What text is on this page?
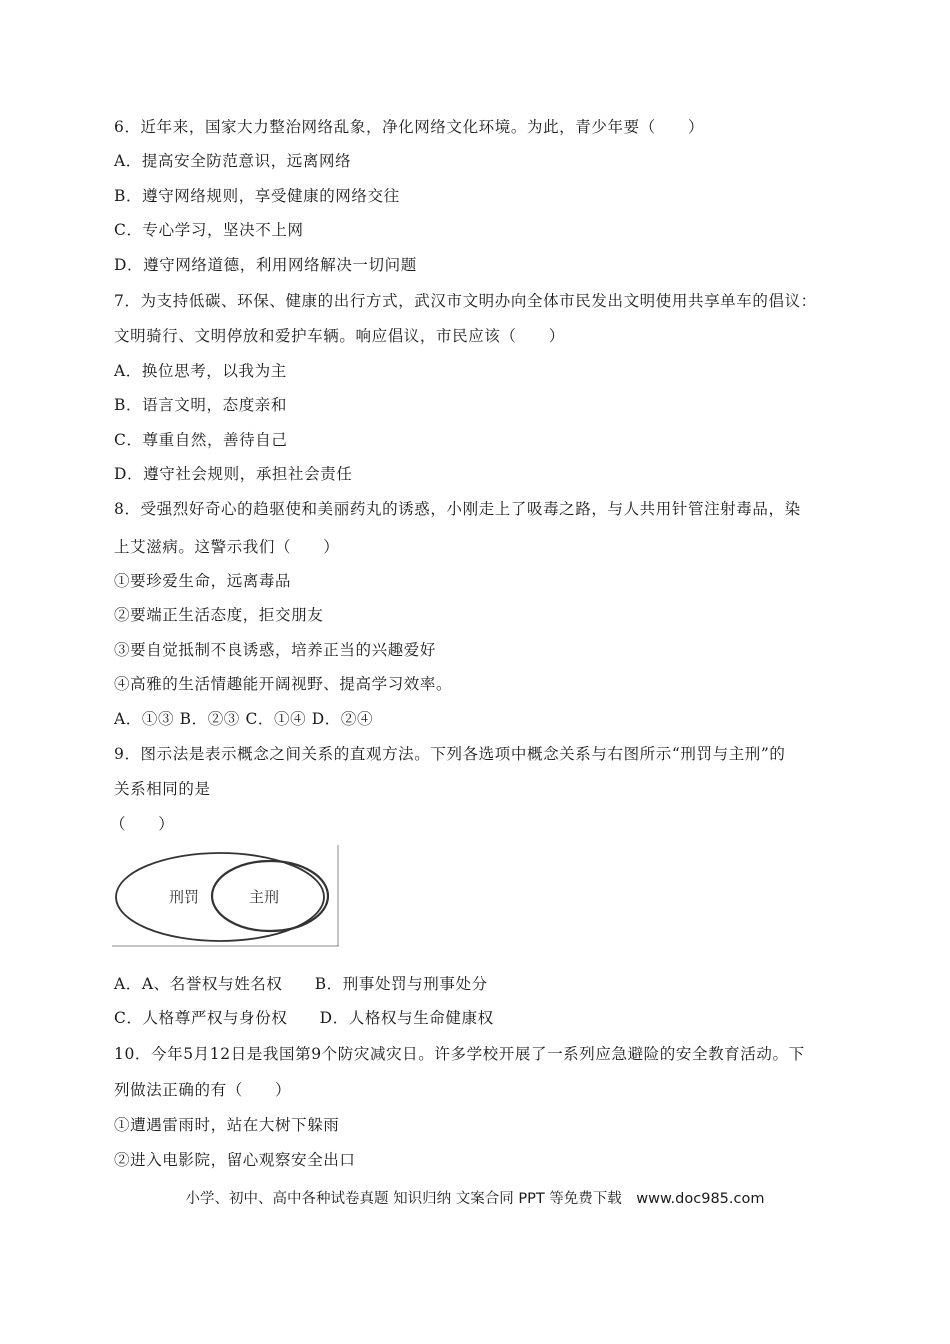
6．近年来，国家大力整治网络乱象，净化网络文化环境。为此，青少年要（　　）
A．提高安全防范意识，远离网络
B．遵守网络规则，享受健康的网络交往
C．专心学习，坚决不上网
D．遵守网络道德，利用网络解决一切问题
7．为支持低碳、环保、健康的出行方式，武汉市文明办向全体市民发出文明使用共享单车的倡议：
文明骑行、文明停放和爱护车辆。响应倡议，市民应该（　　）
A．换位思考，以我为主
B．语言文明，态度亲和
C．尊重自然，善待自己
D．遵守社会规则，承担社会责任
8．受强烈好奇心的趋驱使和美丽药丸的诱惑，小刚走上了吸毒之路，与人共用针管注射毒品，染
上艾滋病。这警示我们（　　）
①要珍爱生命，远离毒品
②要端正生活态度，拒交朋友
③要自觉抵制不良诱惑，培养正当的兴趣爱好
④高雅的生活情趣能开阔视野、提高学习效率。
A．①③ B．②③ C．①④ D．②④
9．图示法是表示概念之间关系的直观方法。下列各选项中概念关系与右图所示“刑罚与主刑”的
关系相同的是
（　　）
刑罚	主刑
A．A、名誉权与姓名权　　B．刑事处罚与刑事处分
C．人格尊严权与身份权　　D．人格权与生命健康权
10．今年5月12日是我国第9个防灾减灾日。许多学校开展了一系列应急避险的安全教育活动。下
列做法正确的有（　　）
①遭遇雷雨时，站在大树下躲雨
②进入电影院，留心观察安全出口
小学、初中、高中各种试卷真题 知识归纳 文案合同 PPT 等免费下载　www.doc985.com
